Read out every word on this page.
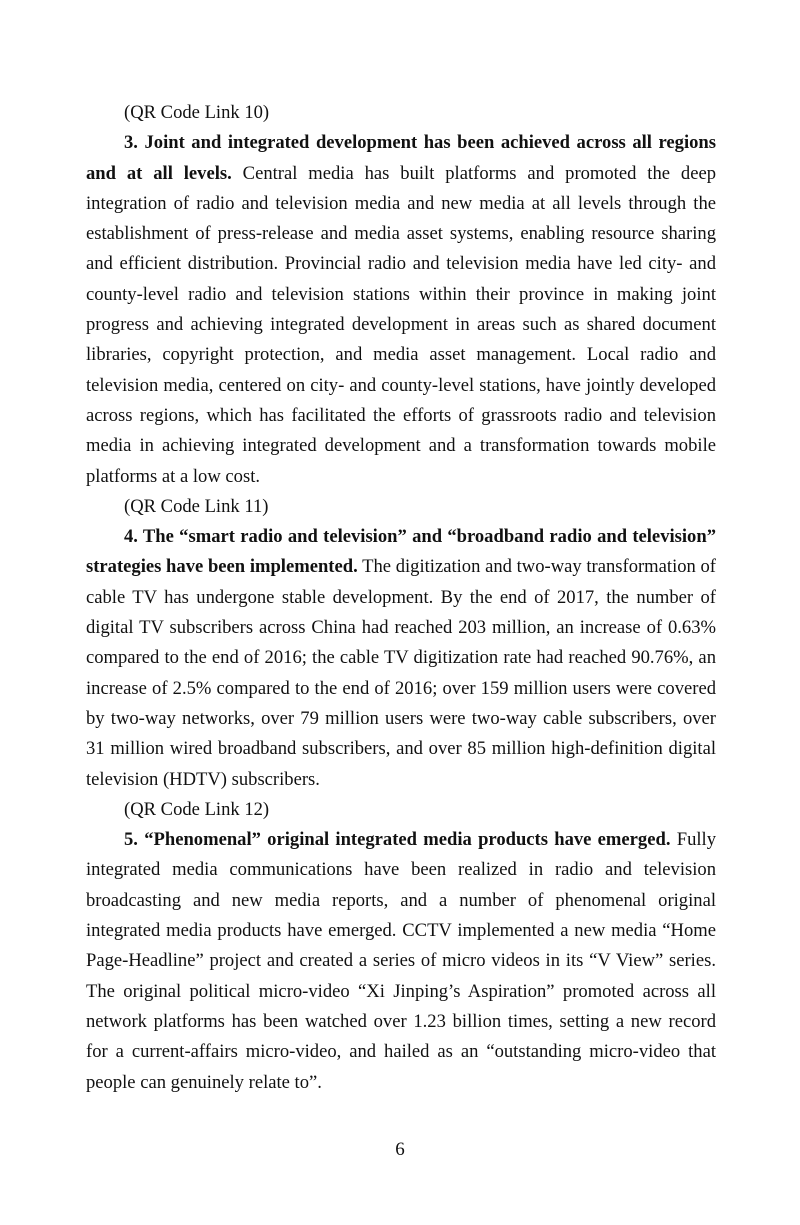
(QR Code Link 10)

3. Joint and integrated development has been achieved across all regions and at all levels. Central media has built platforms and promoted the deep integration of radio and television media and new media at all levels through the establishment of press-release and media asset systems, enabling resource sharing and efficient distribution. Provincial radio and television media have led city- and county-level radio and television stations within their province in making joint progress and achieving integrated development in areas such as shared document libraries, copyright protection, and media asset management. Local radio and television media, centered on city- and county-level stations, have jointly developed across regions, which has facilitated the efforts of grassroots radio and television media in achieving integrated development and a transformation towards mobile platforms at a low cost.

(QR Code Link 11)

4. The “smart radio and television” and “broadband radio and television” strategies have been implemented. The digitization and two-way transformation of cable TV has undergone stable development. By the end of 2017, the number of digital TV subscribers across China had reached 203 million, an increase of 0.63% compared to the end of 2016; the cable TV digitization rate had reached 90.76%, an increase of 2.5% compared to the end of 2016; over 159 million users were covered by two-way networks, over 79 million users were two-way cable subscribers, over 31 million wired broadband subscribers, and over 85 million high-definition digital television (HDTV) subscribers.

(QR Code Link 12)

5. “Phenomenal” original integrated media products have emerged. Fully integrated media communications have been realized in radio and television broadcasting and new media reports, and a number of phenomenal original integrated media products have emerged. CCTV implemented a new media “Home Page-Headline” project and created a series of micro videos in its “V View” series. The original political micro-video “Xi Jinping’s Aspiration” promoted across all network platforms has been watched over 1.23 billion times, setting a new record for a current-affairs micro-video, and hailed as an “outstanding micro-video that people can genuinely relate to”.

6
